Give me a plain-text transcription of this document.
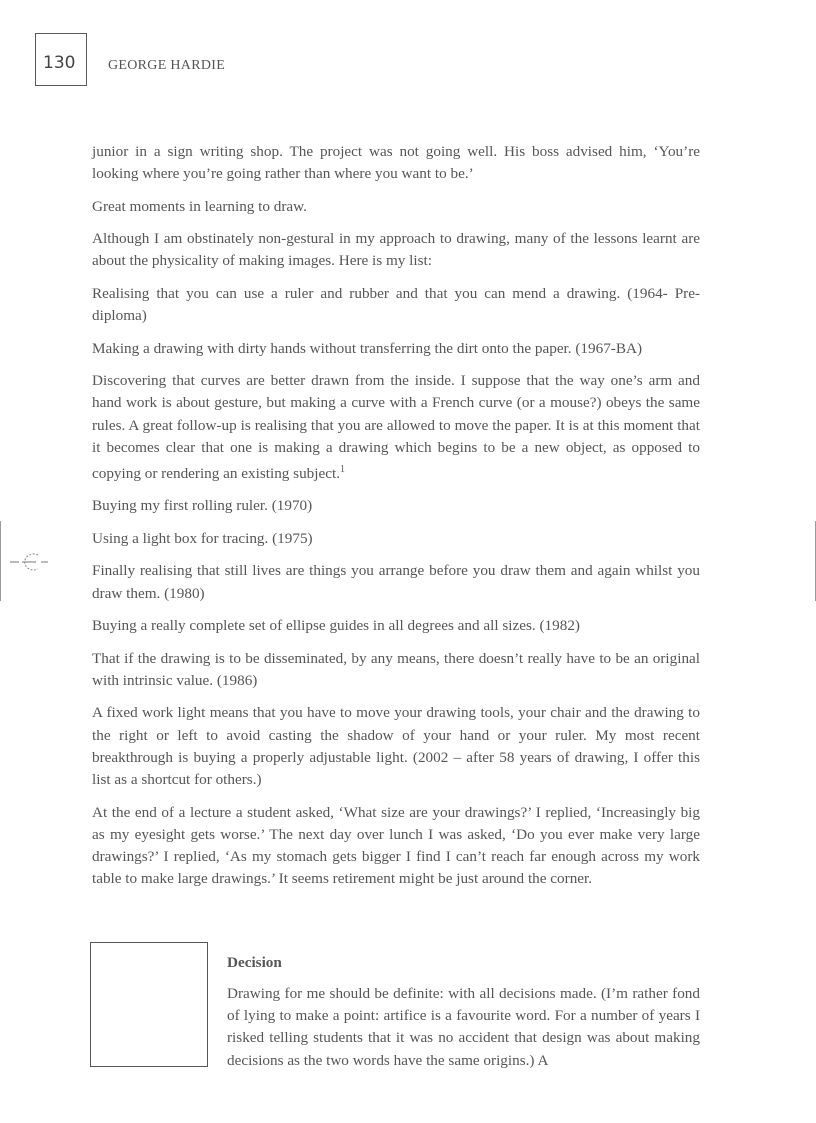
130	GEORGE HARDIE

junior in a sign writing shop. The project was not going well. His boss advised him, ‘You’re looking where you’re going rather than where you want to be.’

Great moments in learning to draw.

Although I am obstinately non-gestural in my approach to drawing, many of the lessons learnt are about the physicality of making images. Here is my list:

Realising that you can use a ruler and rubber and that you can mend a drawing. (1964- Pre-diploma)

Making a drawing with dirty hands without transferring the dirt onto the paper. (1967-BA)

Discovering that curves are better drawn from the inside. I suppose that the way one’s arm and hand work is about gesture, but making a curve with a French curve (or a mouse?) obeys the same rules. A great follow-up is realising that you are allowed to move the paper. It is at this moment that it becomes clear that one is making a drawing which begins to be a new object, as opposed to copying or rendering an existing subject.$^1$

Buying my first rolling ruler. (1970)

Using a light box for tracing. (1975)

Finally realising that still lives are things you arrange before you draw them and again whilst you draw them. (1980)

Buying a really complete set of ellipse guides in all degrees and all sizes. (1982)

That if the drawing is to be disseminated, by any means, there doesn’t really have to be an original with intrinsic value. (1986)

A fixed work light means that you have to move your drawing tools, your chair and the drawing to the right or left to avoid casting the shadow of your hand or your ruler. My most recent breakthrough is buying a properly adjustable light. (2002 – after 58 years of drawing, I offer this list as a shortcut for others.)

At the end of a lecture a student asked, ‘What size are your drawings?’ I replied, ‘Increasingly big as my eyesight gets worse.’ The next day over lunch I was asked, ‘Do you ever make very large drawings?’ I replied, ‘As my stomach gets bigger I find I can’t reach far enough across my work table to make large drawings.’ It seems retirement might be just around the corner.

Decision

Drawing for me should be definite: with all decisions made. (I’m rather fond of lying to make a point: artifice is a favourite word. For a number of years I risked telling students that it was no accident that design was about making decisions as the two words have the same origins.) A
